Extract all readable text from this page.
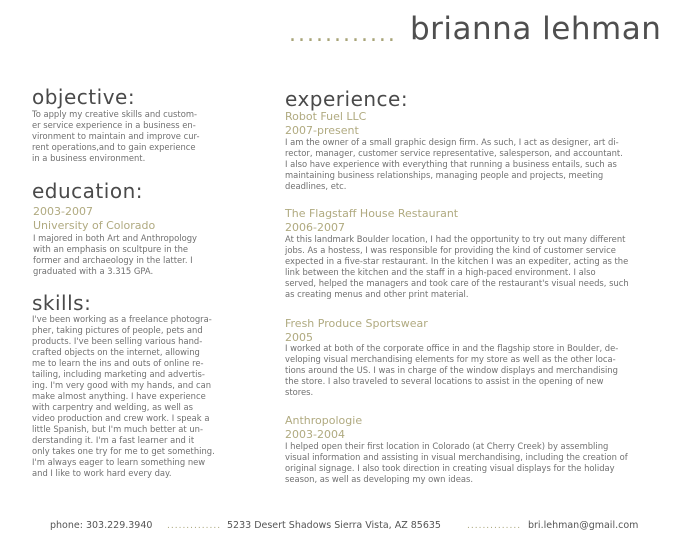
............ brianna lehman
objective:
To apply my creative skills and custom-
er service experience in a business en-
vironment to maintain and improve cur-
rent operations,and to gain experience
in a business environment.
education:
2003-2007
University of Colorado
I majored in both Art and Anthropology
with an emphasis on scultpure in the
former and archaeology in the latter. I
graduated with a 3.315 GPA.
skills:
I've been working as a freelance photogra-
pher, taking pictures of people, pets and
products. I've been selling various hand-
crafted objects on the internet, allowing
me to learn the ins and outs of online re-
tailing, including marketing and advertis-
ing. I'm very good with my hands, and can
make almost anything. I have experience
with carpentry and welding, as well as
video production and crew work. I speak a
little Spanish, but I'm much better at un-
derstanding it. I'm a fast learner and it
only takes one try for me to get something.
I'm always eager to learn something new
and I like to work hard every day.
experience:
Robot Fuel LLC
2007-present
I am the owner of a small graphic design firm. As such, I act as designer, art di-
rector, manager, customer service representative, salesperson, and accountant.
I also have experience with everything that running a business entails, such as
maintaining business relationships, managing people and projects, meeting
deadlines, etc.
The Flagstaff House Restaurant
2006-2007
At this landmark Boulder location, I had the opportunity to try out many different
jobs. As a hostess, I was responsible for providing the kind of customer service
expected in a five-star restaurant. In the kitchen I was an expediter, acting as the
link between the kitchen and the staff in a high-paced environment. I also
served, helped the managers and took care of the restaurant's visual needs, such
as creating menus and other print material.
Fresh Produce Sportswear
2005
I worked at both of the corporate office in and the flagship store in Boulder, de-
veloping visual merchandising elements for my store as well as the other loca-
tions around the US. I was in charge of the window displays and merchandising
the store. I also traveled to several locations to assist in the opening of new
stores.
Anthropologie
2003-2004
I helped open their first location in Colorado (at Cherry Creek) by assembling
visual information and assisting in visual merchandising, including the creation of
original signage. I also took direction in creating visual displays for the holiday
season, as well as developing my own ideas.
phone: 303.229.3940 .............. 5233 Desert Shadows Sierra Vista, AZ 85635	.............. bri.lehman@gmail.com
